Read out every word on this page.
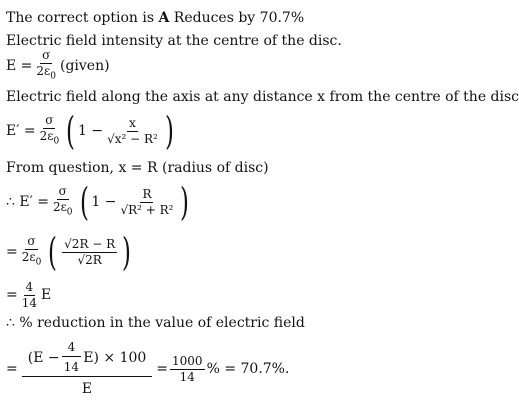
The correct option is A Reduces by 70.7%
Electric field intensity at the centre of the disc.
$E = \frac{\sigma}{2\varepsilon_0}$ (given)
Electric field along the axis at any distance x from the centre of the disc
$E' = \frac{\sigma}{2\varepsilon_0}$ ( $1 - \frac{x}{\text{√x² − R²}}$ )
From question, x = R (radius of disc)
∴ $E' = \frac{\sigma}{2\varepsilon_0}$ ( $1 - \frac{R}{\text{√R² + R²}}$ )
= $\frac{\sigma}{2\varepsilon_0}$ ( $\frac{√2R - R}{√2R}$ )
= $\frac{4}{14}$ E
∴ % reduction in the value of electric field
= $\frac{(E - \frac{4}{14} E) \times 100}{E} = \frac{1000}{14}$ % = 70.7%.
